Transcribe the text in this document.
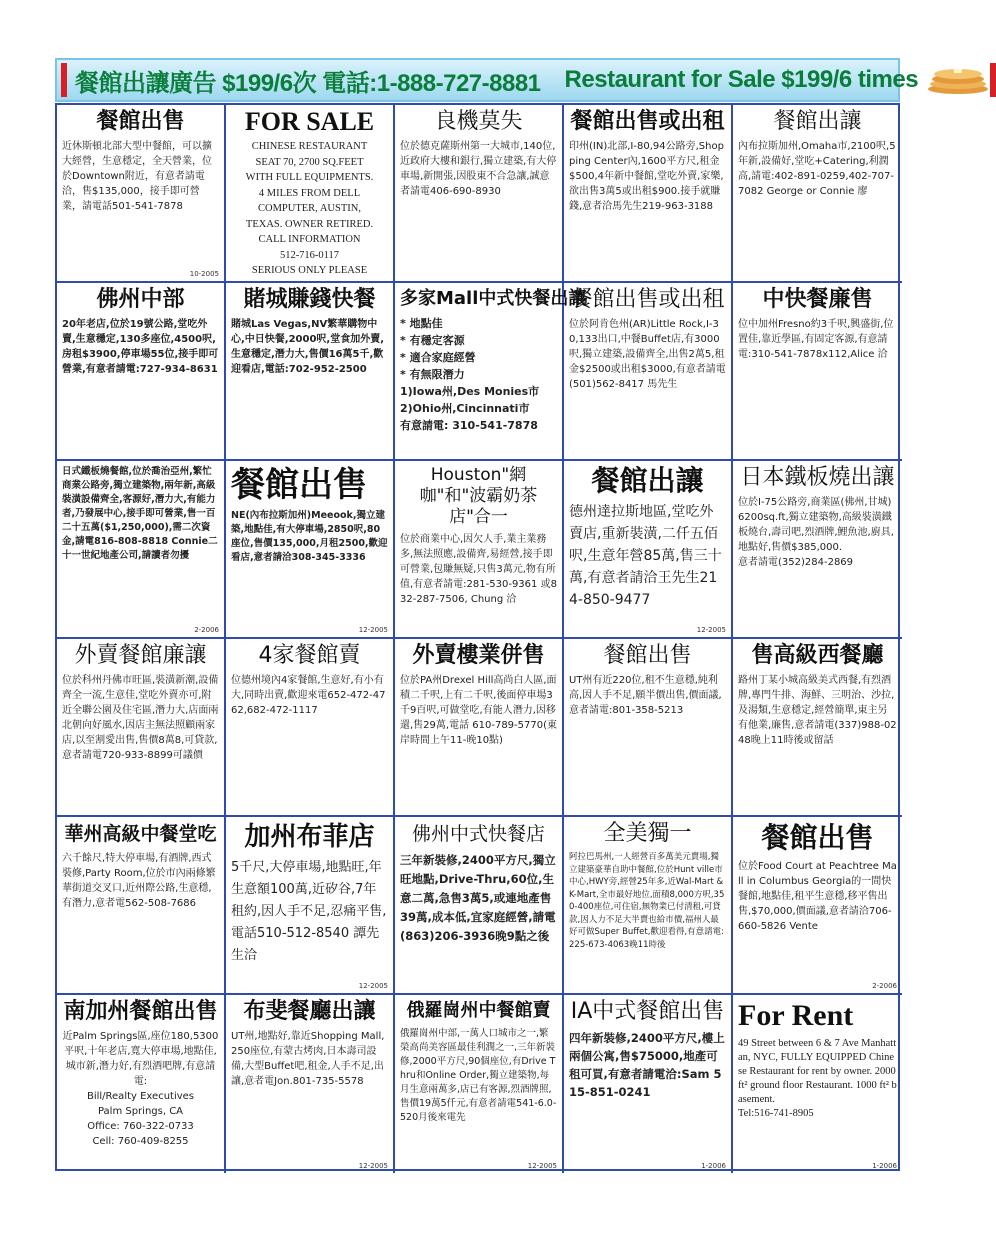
餐館出讓廣告 $199/6次 電話:1-888-727-8881 Restaurant for Sale $199/6 times
餐館出售
近休斯頓北部大型中餐館，可以擴大經營，生意穩定，全天營業，位於Downtown附近，有意者請電洽，售$135,000，接手即可營業，請電話501-541-7878
10-2005
FOR SALE
CHINESE RESTAURANT
SEAT 70, 2700 SQ.FEET
WITH FULL EQUIPMENTS.
4 MILES FROM DELL
COMPUTER, AUSTIN,
TEXAS. OWNER RETIRED.
CALL INFORMATION
512-716-0117
SERIOUS ONLY PLEASE
良機莫失
位於德克薩斯州第一大城市,140位,近政府大樓和銀行,獨立建築,有大停車場,新開張,因股東不合急讓,誠意者請電406-690-8930
餐館出售或出租
印州(IN)北部,I-80,94公路旁,Shopping Center內,1600平方尺,租金$500,4年新中餐館,堂吃外賣,家樂,欲出售3萬5或出租$900.接手就賺錢,意者洽馬先生219-963-3188
餐館出讓
內布拉斯加州,Omaha市,2100呎,5年新,設備好,堂吃+Catering,利潤高,請電:402-891-0259,402-707-7082 George or Connie 廖
佛州中部
20年老店,位於19號公路,堂吃外賣,生意穩定,130多座位,4500呎,房租$3900,停車場55位,接手即可營業,有意者請電:727-934-8631
賭城賺錢快餐
賭城Las Vegas,NV繁華購物中心,中日快餐,2000呎,堂食加外賣,生意穩定,潛力大,售價16萬5千,歡迎看店,電話:702-952-2500
多家Mall中式快餐出讓
* 地點佳
* 有穩定客源
* 適合家庭經營
* 有無限潛力
1)Iowa州,Des Monies市
2)Ohio州,Cincinnati市
有意請電: 310-541-7878
餐館出售或出租
位於阿肯色州(AR)Little Rock,I-30,133出口,中餐Buffet店,有3000呎,獨立建築,設備齊全,出售2萬5,租金$2500或出租$3000,有意者請電(501)562-8417 馬先生
中快餐廉售
位中加州Fresno約3千呎,興盛街,位置佳,靠近學區,有固定客源,有意請電:310-541-7878x112,Alice 洽
日式鐵板燒餐館,位於喬治亞州,繁忙商業公路旁,獨立建築物,兩年新,高級裝潢設備齊全,客源好,潛力大,有能力者,乃發展中心,接手即可營業,售一百二十五萬($1,250,000),需二次資金,請電816-808-8818 Connie二十一世紀地產公司,請讀者勿擾
2-2006
餐館出售
NE(內布拉斯加州)Meeook,獨立建築,地點佳,有大停車場,2850呎,80座位,售價135,000,月租2500,歡迎看店,意者請洽308-345-3336
12-2005
Houston"網咖"和"波霸奶茶店"合一
位於商業中心,因欠人手,業主業務多,無法照應,設備齊,易經營,接手即可營業,包賺無疑,只售3萬元,物有所值,有意者請電:281-530-9361 或832-287-7506, Chung 洽
餐館出讓
德州達拉斯地區,堂吃外賣店,重新裝潢,二仟五佰呎,生意年營85萬,售三十萬,有意者請洽王先生214-850-9477
12-2005
日本鐵板燒出讓
位於I-75公路旁,商業區(佛州,甘城)6200sq.ft,獨立建築物,高級裝潢鐵板燒台,壽司吧,烈酒牌,鯉魚池,廚具,地點好,售價$385,000.
意者請電(352)284-2869
外賣餐館廉讓
位於科州丹佛市旺區,裝潢新潮,設備齊全一流,生意佳,堂吃外賣亦可,附近全聯公園及住宅區,潛力大,店面兩北朝向好風水,因店主無法照顧兩家店,以至割愛出售,售價8萬8,可貸款,意者請電720-933-8899可議價
4家餐館賣
位德州境內4家餐館,生意好,有小有大,同時出賣,歡迎來電652-472-4762,682-472-1117
外賣樓業併售
位於PA州Drexel Hill高尚白人區,面積二千呎,上有二千呎,後面停車場3千9百呎,可做堂吃,有能人潛力,因移還,售29萬,電話 610-789-5770(東岸時間上午11-晚10點)
餐館出售
UT州有近220位,租不生意穩,純利高,因人手不足,願半價出售,價面議,意者請電:801-358-5213
售高級西餐廳
路州丁某小城高級美式西餐,有烈酒牌,專門牛排、海鮮、三明治、沙拉,及湯類,生意穩定,經營簡單,東主另有他業,廉售,意者請電(337)988-0248晚上11時後或留話
華州高級中餐堂吃
六千餘尺,特大停車場,有酒牌,西式裝修,Party Room,位於市內兩條繁華街道交叉口,近州際公路,生意穩,有潛力,意者電562-508-7686
加州布菲店
5千尺,大停車場,地點旺,年生意額100萬,近矽谷,7年租約,因人手不足,忍痛平售,電話510-512-8540 譚先生洽
12-2005
佛州中式快餐店
三年新裝修,2400平方尺,獨立旺地點,Drive-Thru,60位,生意二萬,急售3萬5,或連地產售39萬,成本低,宜家庭經營,請電(863)206-3936晚9點之後
全美獨一
阿拉巴馬州,一人經營百多萬美元賣場,獨立建築豪華自助中餐館,位於Hunt ville市中心,HWY旁,經營25年多,近Wal-Mart & K-Mart,全市最好地位,面積8,000方呎,350-400座位,可住宿,無物業已付清租,可貸款,因人力不足大半賣也給市價,福州人最好可做Super Buffet,歡迎看得,有意請電:225-673-4063晚11時後
餐館出售
位於Food Court at Peachtree Mall in Columbus Georgia的一間快餐館,地點佳,租平生意穩,移平售出售,$70,000,價面議,意者請洽706-660-5826 Vente
2-2006
南加州餐館出售
近Palm Springs區,座位180,5300平呎,十年老店,寬大停車場,地點佳,城市新,潛力好,有烈酒吧牌,有意請電:
Bill/Realty Executives
Palm Springs, CA
Office: 760-322-0733
Cell: 760-409-8255
布斐餐廳出讓
UT州,地點好,靠近Shopping Mall,250座位,有蒙古烤肉,日本壽司設備,大型Buffet吧,租金,人手不足,出讓,意者電Jon.801-735-5578
12-2005
俄羅崗州中餐館賣
俄羅崗州中部,一萬人口城市之一,繁榮高尚美容區最佳利潤之一,三年新裝修,2000平方尺,90個座位,有Drive Thru和Online Order,獨立建築物,每月生意兩萬多,店已有客源,烈酒牌照,售價19萬5仟元,有意者請電541-6.0-520月後來電先
12-2005
IA中式餐館出售
四年新裝修,2400平方尺,樓上兩個公寓,售$75000,地產可租可買,有意者請電洽:Sam 515-851-0241
1-2006
For Rent
49 Street between 6 & 7 Ave Manhattan, NYC, FULLY EQUIPPED Chinese Restaurant for rent by owner. 2000 ft² ground floor Restaurant. 1000 ft² basement.
Tel:516-741-8905
1-2006
